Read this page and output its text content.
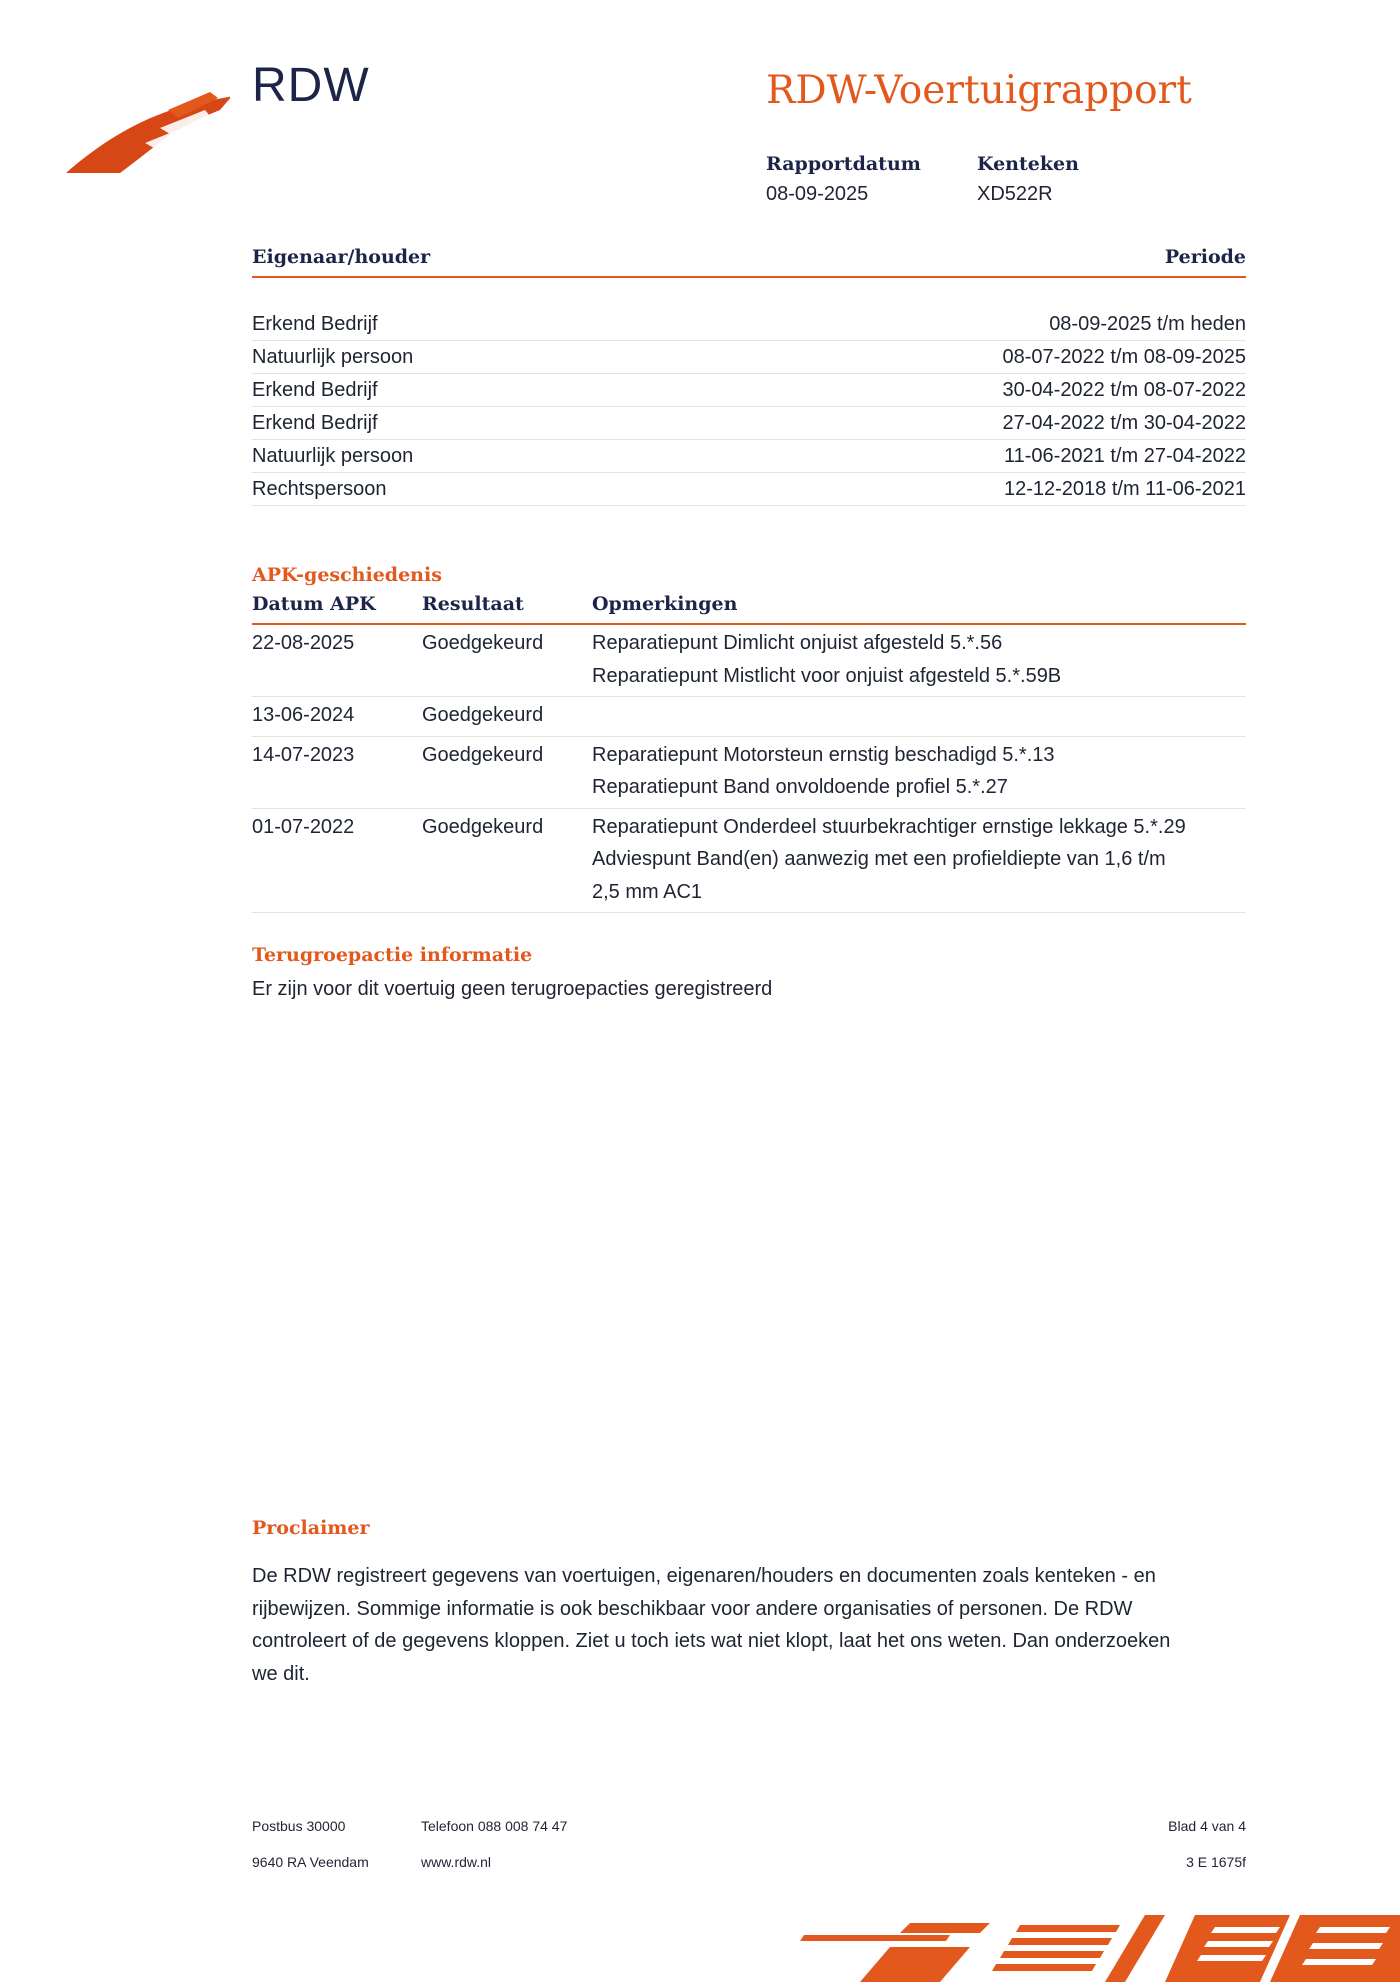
RDW	RDW-Voertuigrapport
Rapportdatum
08-09-2025
Kenteken
XD522R
Eigenaar/houder	Periode
Erkend Bedrijf	08-09-2025 t/m heden
Natuurlijk persoon	08-07-2022 t/m 08-09-2025
Erkend Bedrijf	30-04-2022 t/m 08-07-2022
Erkend Bedrijf	27-04-2022 t/m 30-04-2022
Natuurlijk persoon	11-06-2021 t/m 27-04-2022
Rechtspersoon	12-12-2018 t/m 11-06-2021
APK-geschiedenis
Datum APK	Resultaat	Opmerkingen
22-08-2025	Goedgekeurd	Reparatiepunt Dimlicht onjuist afgesteld 5.*.56
Reparatiepunt Mistlicht voor onjuist afgesteld 5.*.59B
13-06-2024	Goedgekeurd
14-07-2023	Goedgekeurd	Reparatiepunt Motorsteun ernstig beschadigd 5.*.13
Reparatiepunt Band onvoldoende profiel 5.*.27
01-07-2022	Goedgekeurd	Reparatiepunt Onderdeel stuurbekrachtiger ernstige lekkage 5.*.29
Adviespunt Band(en) aanwezig met een profieldiepte van 1,6 t/m
2,5 mm AC1
Terugroepactie informatie
Er zijn voor dit voertuig geen terugroepacties geregistreerd
Proclaimer
De RDW registreert gegevens van voertuigen, eigenaren/houders en documenten zoals kenteken - en
rijbewijzen. Sommige informatie is ook beschikbaar voor andere organisaties of personen. De RDW
controleert of de gegevens kloppen. Ziet u toch iets wat niet klopt, laat het ons weten. Dan onderzoeken
we dit.
Postbus 30000
9640 RA Veendam
Telefoon 088 008 74 47
www.rdw.nl
Blad 4 van 4
3 E 1675f
